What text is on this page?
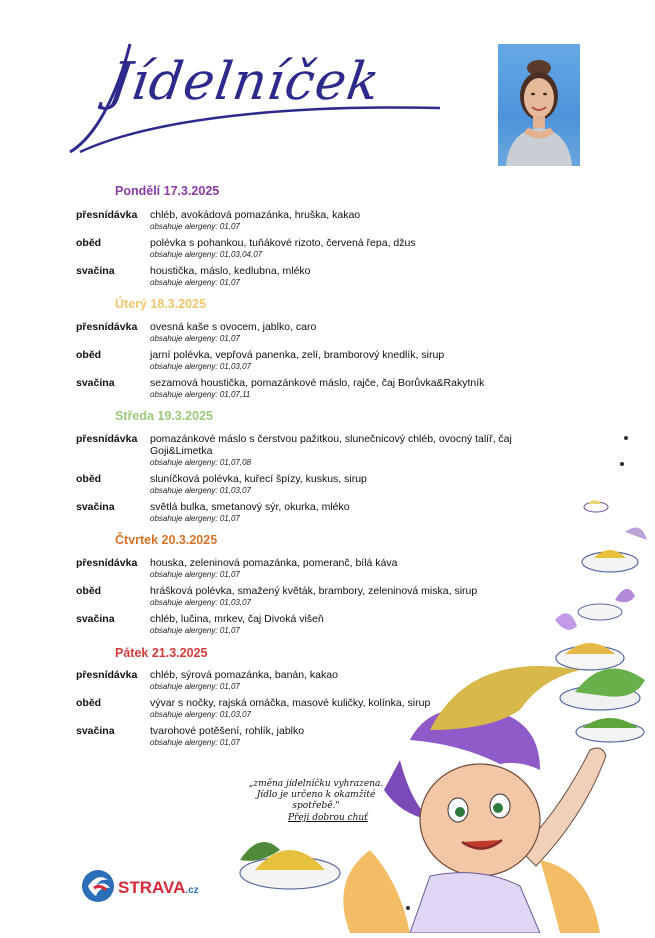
Jídelníček
Pondělí 17.3.2025
přesnídávka chléb, avokádová pomazánka, hruška, kakao
obsahuje alergeny: 01,07
oběd	polévka s pohankou, tuňákové rizoto, červená řepa, džus
obsahuje alergeny: 01,03,04,07
svačina	houstička, máslo, kedlubna, mléko
obsahuje alergeny: 01,07
Úterý 18.3.2025
přesnídávka ovesná kaše s ovocem, jablko, caro
obsahuje alergeny: 01,07
oběd	jarní polévka, vepřová panenka, zelí, bramborový knedlík, sirup
obsahuje alergeny: 01,03,07
svačina	sezamová houstička, pomazánkové máslo, rajče, čaj Borůvka&Rakytník
obsahuje alergeny: 01,07,11
Středa 19.3.2025
přesnídávka pomazánkové máslo s čerstvou pažitkou, slunečnicový chléb, ovocný talíř, čaj Goji&Limetka
obsahuje alergeny: 01,07,08
oběd	sluníčková polévka, kuřecí špízy, kuskus, sirup
obsahuje alergeny: 01,03,07
svačina	světlá bulka, smetanový sýr, okurka, mléko
obsahuje alergeny: 01,07
Čtvrtek 20.3.2025
přesnídávka houska, zeleninová pomazánka, pomeranč, bílá káva
obsahuje alergeny: 01,07
oběd	hrášková polévka, smažený květák, brambory, zeleninová miska, sirup
obsahuje alergeny: 01,03,07
svačina	chléb, lučina, mrkev, čaj Divoká višeň
obsahuje alergeny: 01,07
Pátek 21.3.2025
přesnídávka chléb, sýrová pomazánka, banán, kakao
obsahuje alergeny: 01,07
oběd	vývar s nočky, rajská omáčka, masové kuličky, kolínka, sirup
obsahuje alergeny: 01,03,07
svačina	tvarohové potěšení, rohlík, jablko
obsahuje alergeny: 01,07
„změna jídelníčku vyhrazena.
Jídlo je určeno k okamžité spotřebě."
Přeji dobrou chuť
STRAVA.cz
